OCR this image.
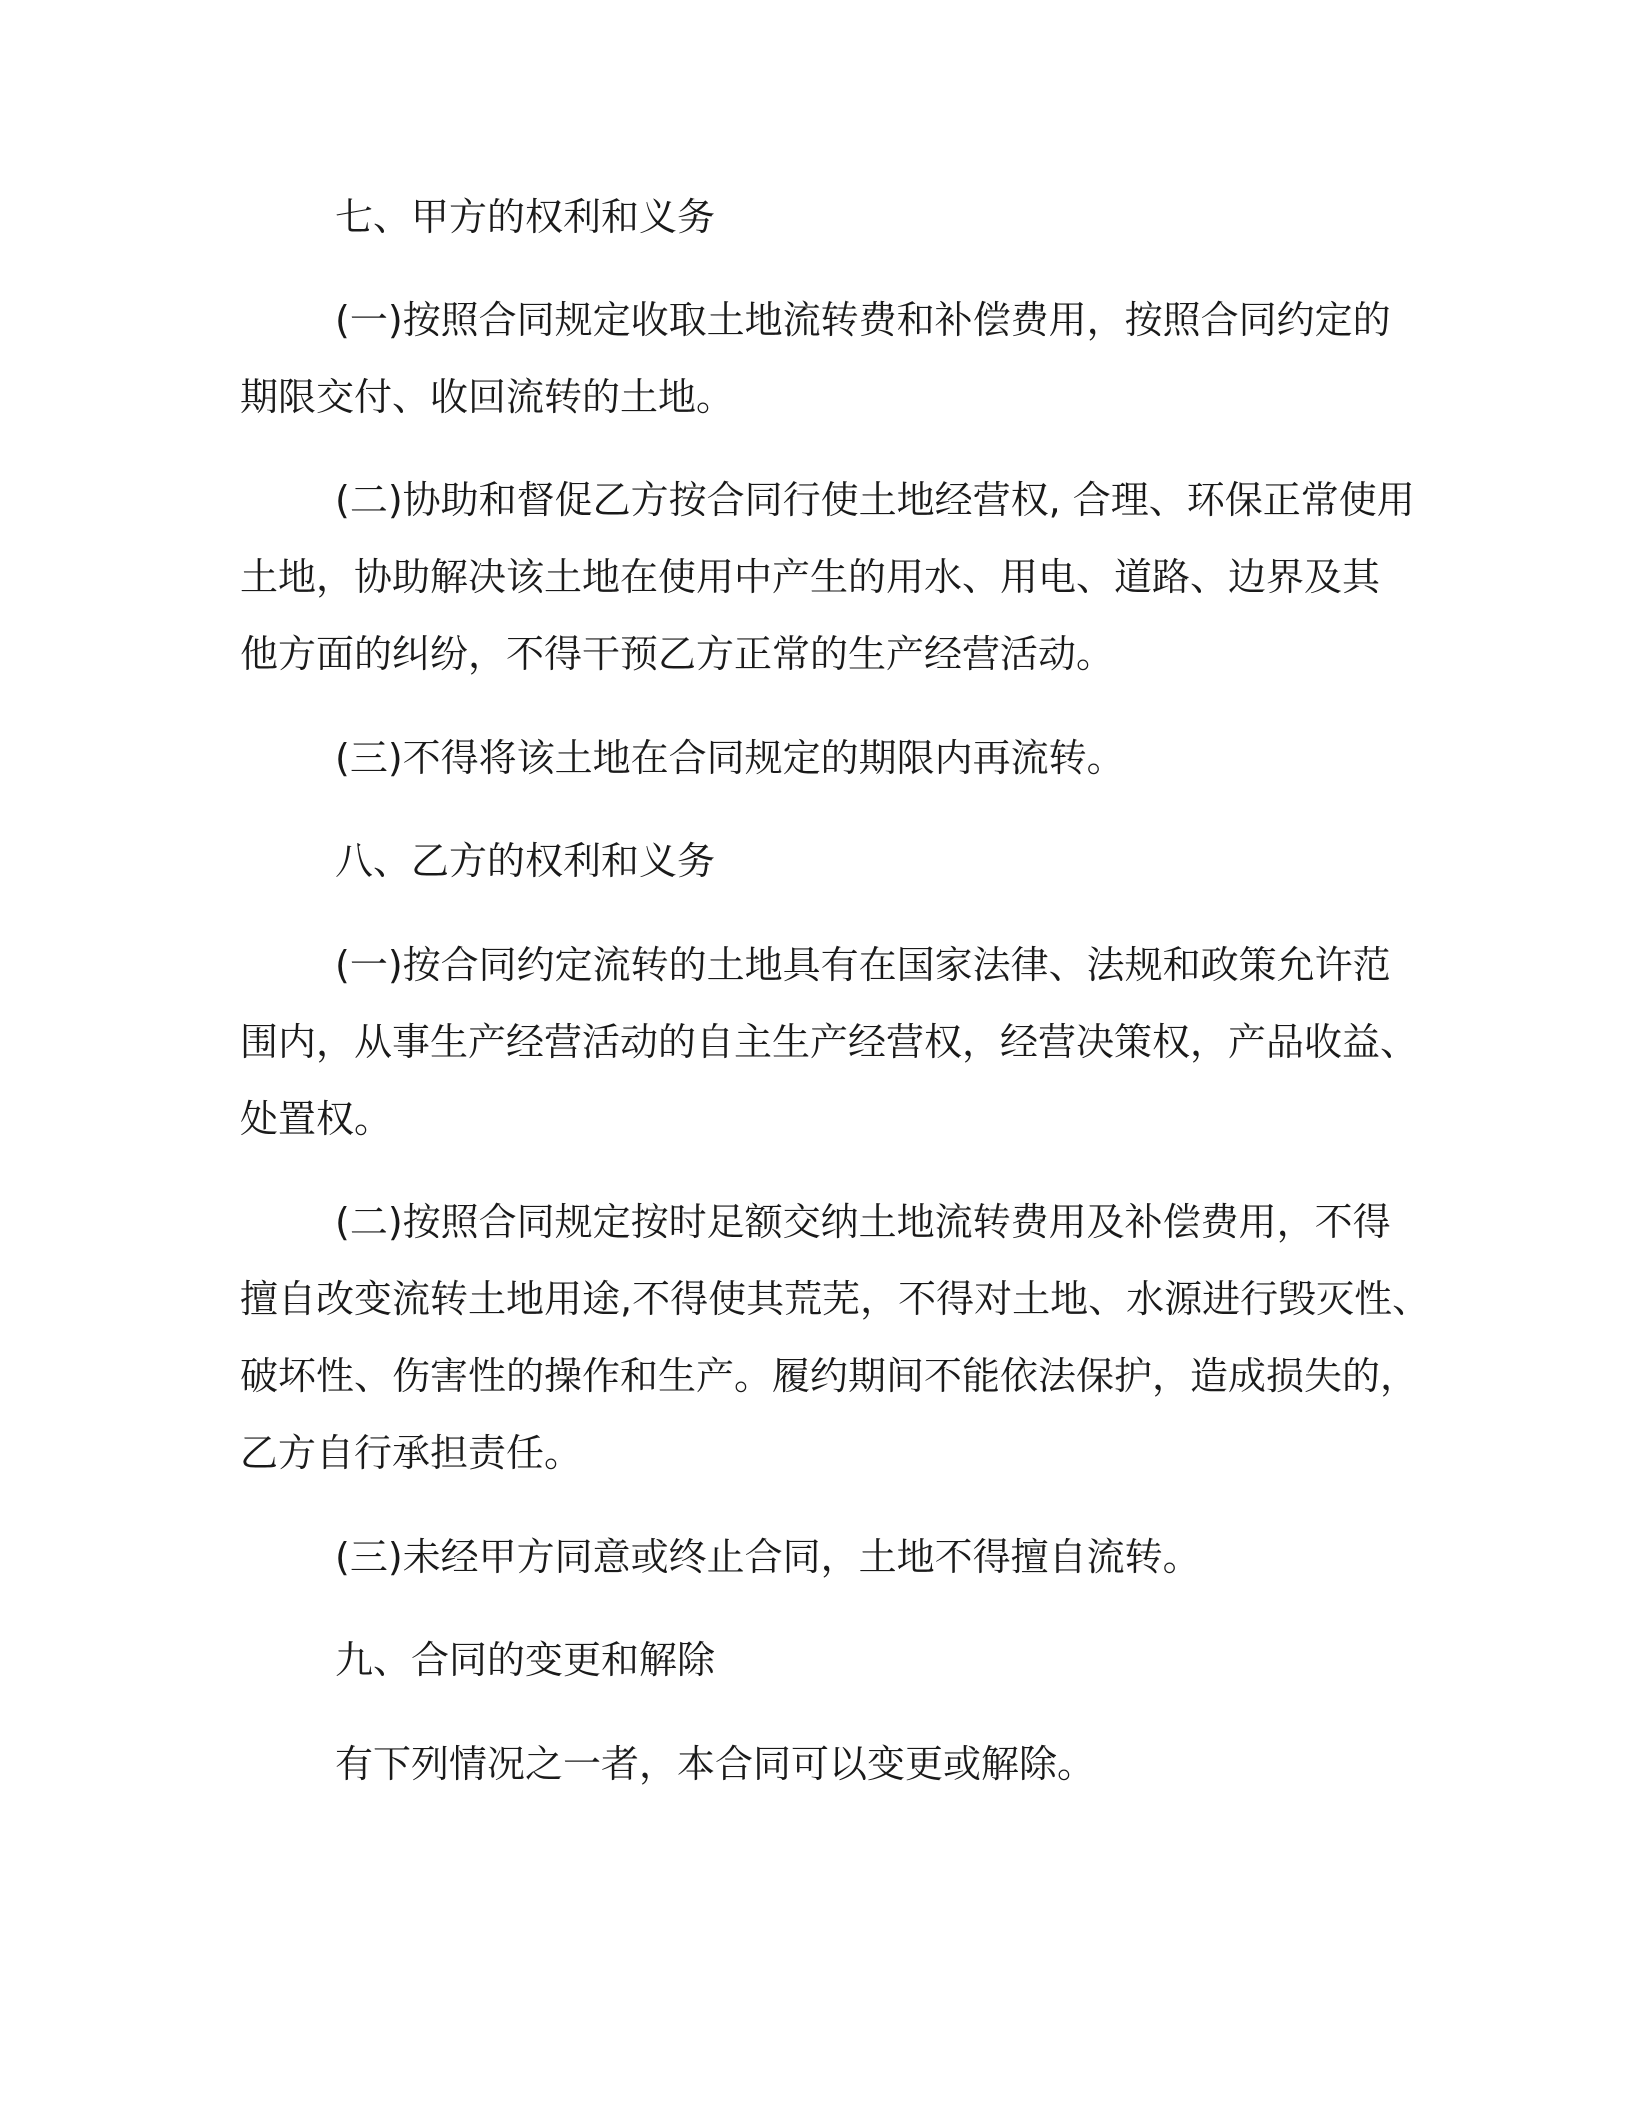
七、甲方的权利和义务

(一)按照合同规定收取土地流转费和补偿费用，按照合同约定的

期限交付、收回流转的土地。

(二)协助和督促乙方按合同行使土地经营权, 合理、环保正常使用

土地，协助解决该土地在使用中产生的用水、用电、道路、边界及其

他方面的纠纷，不得干预乙方正常的生产经营活动。

(三)不得将该土地在合同规定的期限内再流转。

八、乙方的权利和义务

(一)按合同约定流转的土地具有在国家法律、法规和政策允许范

围内，从事生产经营活动的自主生产经营权，经营决策权，产品收益、

处置权。

(二)按照合同规定按时足额交纳土地流转费用及补偿费用，不得

擅自改变流转土地用途,不得使其荒芜，不得对土地、水源进行毁灭性、

破坏性、伤害性的操作和生产。履约期间不能依法保护，造成损失的，

乙方自行承担责任。

(三)未经甲方同意或终止合同，土地不得擅自流转。

九、合同的变更和解除

有下列情况之一者，本合同可以变更或解除。
